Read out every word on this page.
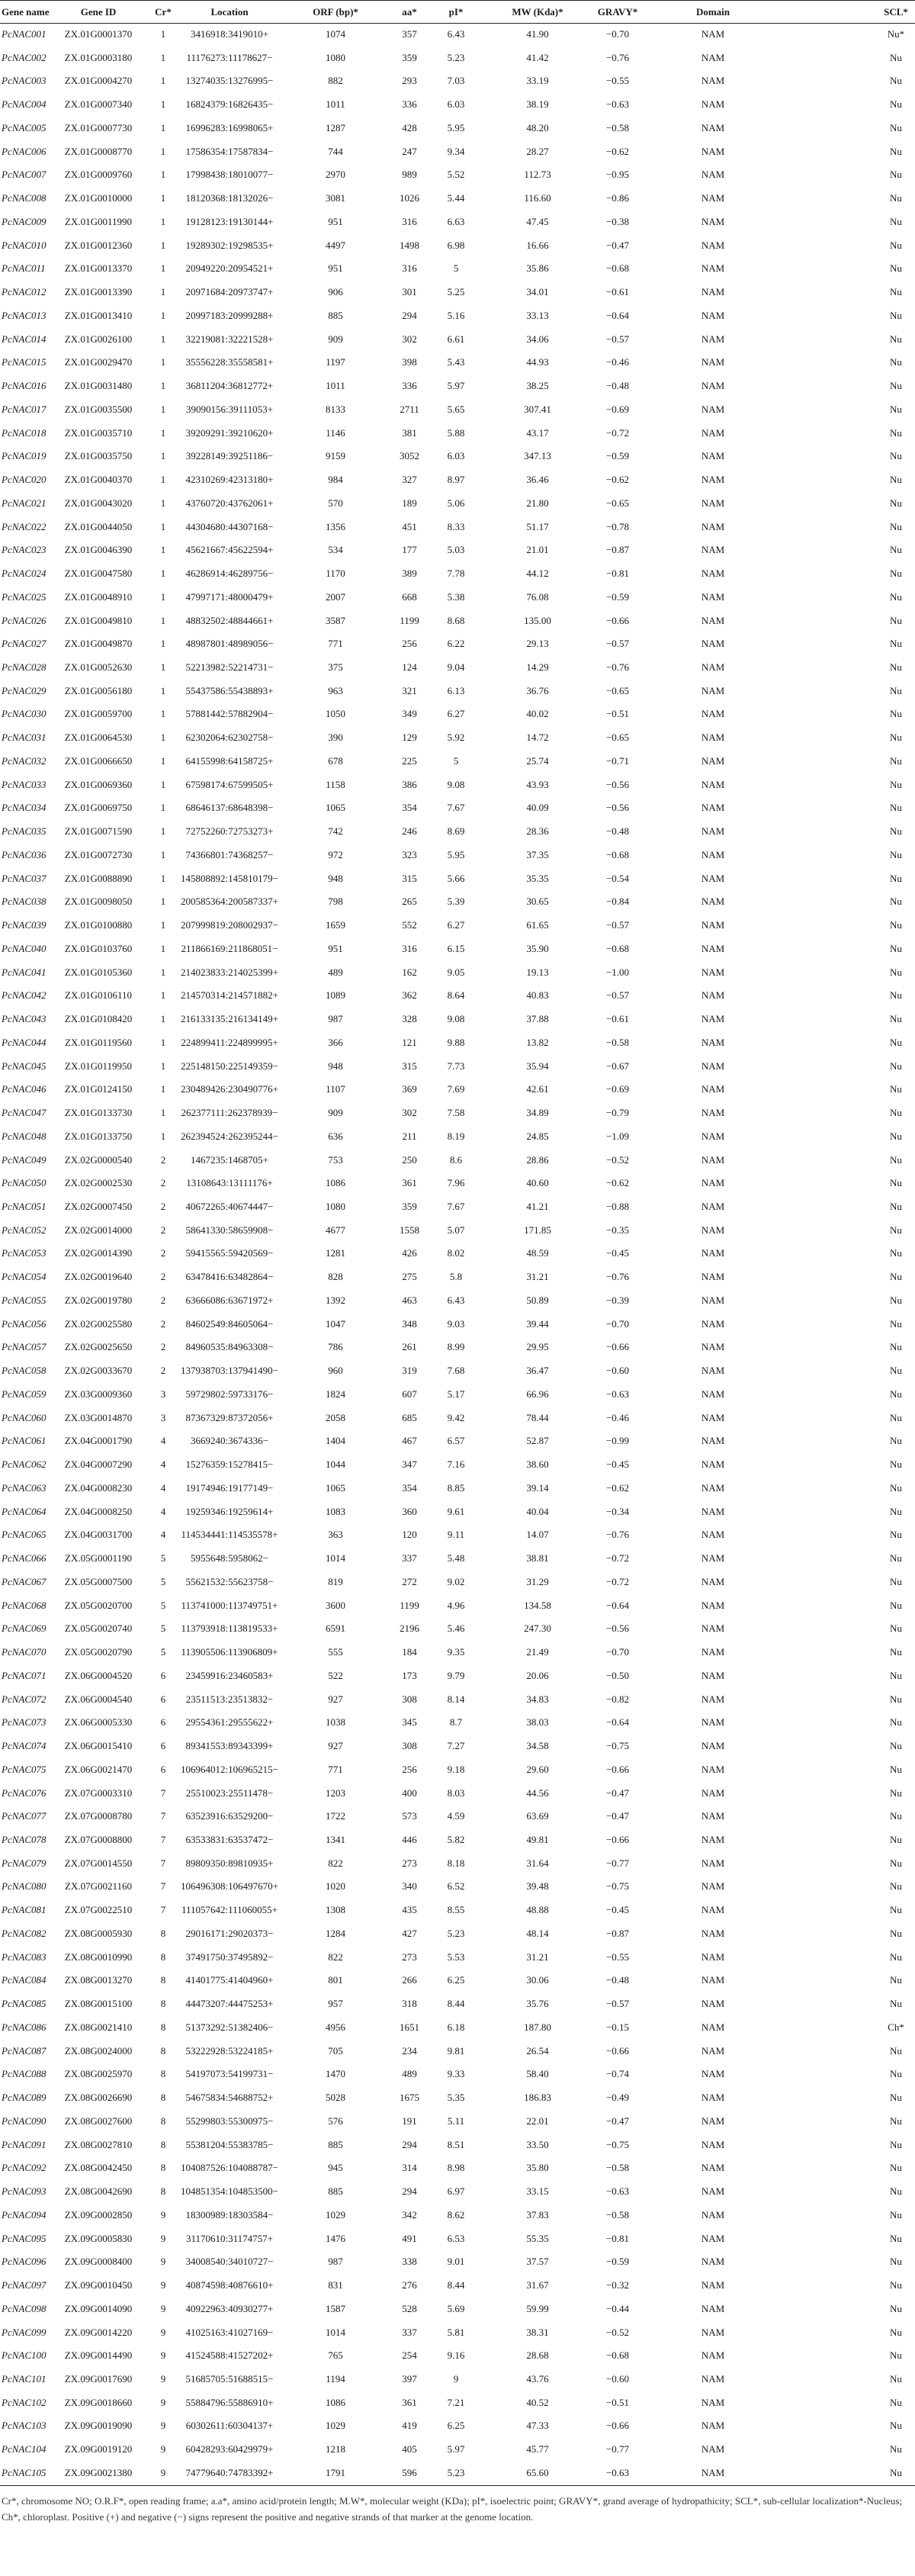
Gene name	Gene ID	Cr*	Location	ORF (bp)*	aa*	pI*	MW (Kda)*	GRAVY*	Domain	SCL*
PcNAC001	ZX.01G0001370	1	3416918:3419010+	1074	357	6.43	41.90	−0.70	NAM	Nu*
PcNAC002	ZX.01G0003180	1	11176273:11178627−	1080	359	5.23	41.42	−0.76	NAM	Nu
PcNAC003	ZX.01G0004270	1	13274035:13276995−	882	293	7.03	33.19	−0.55	NAM	Nu
PcNAC004	ZX.01G0007340	1	16824379:16826435−	1011	336	6.03	38.19	−0.63	NAM	Nu
PcNAC005	ZX.01G0007730	1	16996283:16998065+	1287	428	5.95	48.20	−0.58	NAM	Nu
PcNAC006	ZX.01G0008770	1	17586354:17587834−	744	247	9.34	28.27	−0.62	NAM	Nu
PcNAC007	ZX.01G0009760	1	17998438:18010077−	2970	989	5.52	112.73	−0.95	NAM	Nu
PcNAC008	ZX.01G0010000	1	18120368:18132026−	3081	1026	5.44	116.60	−0.86	NAM	Nu
PcNAC009	ZX.01G0011990	1	19128123:19130144+	951	316	6.63	47.45	−0.38	NAM	Nu
PcNAC010	ZX.01G0012360	1	19289302:19298535+	4497	1498	6.98	16.66	−0.47	NAM	Nu
PcNAC011	ZX.01G0013370	1	20949220:20954521+	951	316	5	35.86	−0.68	NAM	Nu
PcNAC012	ZX.01G0013390	1	20971684:20973747+	906	301	5.25	34.01	−0.61	NAM	Nu
PcNAC013	ZX.01G0013410	1	20997183:20999288+	885	294	5.16	33.13	−0.64	NAM	Nu
PcNAC014	ZX.01G0026100	1	32219081:32221528+	909	302	6.61	34.06	−0.57	NAM	Nu
PcNAC015	ZX.01G0029470	1	35556228:35558581+	1197	398	5.43	44.93	−0.46	NAM	Nu
PcNAC016	ZX.01G0031480	1	36811204:36812772+	1011	336	5.97	38.25	−0.48	NAM	Nu
PcNAC017	ZX.01G0035500	1	39090156:39111053+	8133	2711	5.65	307.41	−0.69	NAM	Nu
PcNAC018	ZX.01G0035710	1	39209291:39210620+	1146	381	5.88	43.17	−0.72	NAM	Nu
PcNAC019	ZX.01G0035750	1	39228149:39251186−	9159	3052	6.03	347.13	−0.59	NAM	Nu
PcNAC020	ZX.01G0040370	1	42310269:42313180+	984	327	8.97	36.46	−0.62	NAM	Nu
PcNAC021	ZX.01G0043020	1	43760720:43762061+	570	189	5.06	21.80	−0.65	NAM	Nu
PcNAC022	ZX.01G0044050	1	44304680:44307168−	1356	451	8.33	51.17	−0.78	NAM	Nu
PcNAC023	ZX.01G0046390	1	45621667:45622594+	534	177	5.03	21.01	−0.87	NAM	Nu
PcNAC024	ZX.01G0047580	1	46286914:46289756−	1170	389	7.78	44.12	−0.81	NAM	Nu
PcNAC025	ZX.01G0048910	1	47997171:48000479+	2007	668	5.38	76.08	−0.59	NAM	Nu
PcNAC026	ZX.01G0049810	1	48832502:48844661+	3587	1199	8.68	135.00	−0.66	NAM	Nu
PcNAC027	ZX.01G0049870	1	48987801:48989056−	771	256	6.22	29.13	−0.57	NAM	Nu
PcNAC028	ZX.01G0052630	1	52213982:52214731−	375	124	9.04	14.29	−0.76	NAM	Nu
PcNAC029	ZX.01G0056180	1	55437586:55438893+	963	321	6.13	36.76	−0.65	NAM	Nu
PcNAC030	ZX.01G0059700	1	57881442:57882904−	1050	349	6.27	40.02	−0.51	NAM	Nu
PcNAC031	ZX.01G0064530	1	62302064:62302758−	390	129	5.92	14.72	−0.65	NAM	Nu
PcNAC032	ZX.01G0066650	1	64155998:64158725+	678	225	5	25.74	−0.71	NAM	Nu
PcNAC033	ZX.01G0069360	1	67598174:67599505+	1158	386	9.08	43.93	−0.56	NAM	Nu
PcNAC034	ZX.01G0069750	1	68646137:68648398−	1065	354	7.67	40.09	−0.56	NAM	Nu
PcNAC035	ZX.01G0071590	1	72752260:72753273+	742	246	8.69	28.36	−0.48	NAM	Nu
PcNAC036	ZX.01G0072730	1	74366801:74368257−	972	323	5.95	37.35	−0.68	NAM	Nu
PcNAC037	ZX.01G0088890	1	145808892:145810179−	948	315	5.66	35.35	−0.54	NAM	Nu
PcNAC038	ZX.01G0098050	1	200585364:200587337+	798	265	5.39	30.65	−0.84	NAM	Nu
PcNAC039	ZX.01G0100880	1	207999819:208002937−	1659	552	6.27	61.65	−0.57	NAM	Nu
PcNAC040	ZX.01G0103760	1	211866169:211868051−	951	316	6.15	35.90	−0.68	NAM	Nu
PcNAC041	ZX.01G0105360	1	214023833:214025399+	489	162	9.05	19.13	−1.00	NAM	Nu
PcNAC042	ZX.01G0106110	1	214570314:214571882+	1089	362	8.64	40.83	−0.57	NAM	Nu
PcNAC043	ZX.01G0108420	1	216133135:216134149+	987	328	9.08	37.88	−0.61	NAM	Nu
PcNAC044	ZX.01G0119560	1	224899411:224899995+	366	121	9.88	13.82	−0.58	NAM	Nu
PcNAC045	ZX.01G0119950	1	225148150:225149359−	948	315	7.73	35.94	−0.67	NAM	Nu
PcNAC046	ZX.01G0124150	1	230489426:230490776+	1107	369	7.69	42.61	−0.69	NAM	Nu
PcNAC047	ZX.01G0133730	1	262377111:262378939−	909	302	7.58	34.89	−0.79	NAM	Nu
PcNAC048	ZX.01G0133750	1	262394524:262395244−	636	211	8.19	24.85	−1.09	NAM	Nu
PcNAC049	ZX.02G0000540	2	1467235:1468705+	753	250	8.6	28.86	−0.52	NAM	Nu
PcNAC050	ZX.02G0002530	2	13108643:13111176+	1086	361	7.96	40.60	−0.62	NAM	Nu
PcNAC051	ZX.02G0007450	2	40672265:40674447−	1080	359	7.67	41.21	−0.88	NAM	Nu
PcNAC052	ZX.02G0014000	2	58641330:58659908−	4677	1558	5.07	171.85	−0.35	NAM	Nu
PcNAC053	ZX.02G0014390	2	59415565:59420569−	1281	426	8.02	48.59	−0.45	NAM	Nu
PcNAC054	ZX.02G0019640	2	63478416:63482864−	828	275	5.8	31.21	−0.76	NAM	Nu
PcNAC055	ZX.02G0019780	2	63666086:63671972+	1392	463	6.43	50.89	−0.39	NAM	Nu
PcNAC056	ZX.02G0025580	2	84602549:84605064−	1047	348	9.03	39.44	−0.70	NAM	Nu
PcNAC057	ZX.02G0025650	2	84960535:84963308−	786	261	8.99	29.95	−0.66	NAM	Nu
PcNAC058	ZX.02G0033670	2	137938703:137941490−	960	319	7.68	36.47	−0.60	NAM	Nu
PcNAC059	ZX.03G0009360	3	59729802:59733176−	1824	607	5.17	66.96	−0.63	NAM	Nu
PcNAC060	ZX.03G0014870	3	87367329:87372056+	2058	685	9.42	78.44	−0.46	NAM	Nu
PcNAC061	ZX.04G0001790	4	3669240:3674336−	1404	467	6.57	52.87	−0.99	NAM	Nu
PcNAC062	ZX.04G0007290	4	15276359:15278415−	1044	347	7.16	38.60	−0.45	NAM	Nu
PcNAC063	ZX.04G0008230	4	19174946:19177149−	1065	354	8.85	39.14	−0.62	NAM	Nu
PcNAC064	ZX.04G0008250	4	19259346:19259614+	1083	360	9.61	40.04	−0.34	NAM	Nu
PcNAC065	ZX.04G0031700	4	114534441:114535578+	363	120	9.11	14.07	−0.76	NAM	Nu
PcNAC066	ZX.05G0001190	5	5955648:5958062−	1014	337	5.48	38.81	−0.72	NAM	Nu
PcNAC067	ZX.05G0007500	5	55621532:55623758−	819	272	9.02	31.29	−0.72	NAM	Nu
PcNAC068	ZX.05G0020700	5	113741000:113749751+	3600	1199	4.96	134.58	−0.64	NAM	Nu
PcNAC069	ZX.05G0020740	5	113793918:113819533+	6591	2196	5.46	247.30	−0.56	NAM	Nu
PcNAC070	ZX.05G0020790	5	113905506:113906809+	555	184	9.35	21.49	−0.70	NAM	Nu
PcNAC071	ZX.06G0004520	6	23459916:23460583+	522	173	9.79	20.06	−0.50	NAM	Nu
PcNAC072	ZX.06G0004540	6	23511513:23513832−	927	308	8.14	34.83	−0.82	NAM	Nu
PcNAC073	ZX.06G0005330	6	29554361:29555622+	1038	345	8.7	38.03	−0.64	NAM	Nu
PcNAC074	ZX.06G0015410	6	89341553:89343399+	927	308	7.27	34.58	−0.75	NAM	Nu
PcNAC075	ZX.06G0021470	6	106964012:106965215−	771	256	9.18	29.60	−0.66	NAM	Nu
PcNAC076	ZX.07G0003310	7	25510023:25511478−	1203	400	8.03	44.56	−0.47	NAM	Nu
PcNAC077	ZX.07G0008780	7	63523916:63529200−	1722	573	4.59	63.69	−0.47	NAM	Nu
PcNAC078	ZX.07G0008800	7	63533831:63537472−	1341	446	5.82	49.81	−0.66	NAM	Nu
PcNAC079	ZX.07G0014550	7	89809350:89810935+	822	273	8.18	31.64	−0.77	NAM	Nu
PcNAC080	ZX.07G0021160	7	106496308:106497670+	1020	340	6.52	39.48	−0.75	NAM	Nu
PcNAC081	ZX.07G0022510	7	111057642:111060055+	1308	435	8.55	48.88	−0.45	NAM	Nu
PcNAC082	ZX.08G0005930	8	29016171:29020373−	1284	427	5.23	48.14	−0.87	NAM	Nu
PcNAC083	ZX.08G0010990	8	37491750:37495892−	822	273	5.53	31.21	−0.55	NAM	Nu
PcNAC084	ZX.08G0013270	8	41401775:41404960+	801	266	6.25	30.06	−0.48	NAM	Nu
PcNAC085	ZX.08G0015100	8	44473207:44475253+	957	318	8.44	35.76	−0.57	NAM	Nu
PcNAC086	ZX.08G0021410	8	51373292:51382406−	4956	1651	6.18	187.80	−0.15	NAM	Ch*
PcNAC087	ZX.08G0024000	8	53222928:53224185+	705	234	9.81	26.54	−0.66	NAM	Nu
PcNAC088	ZX.08G0025970	8	54197073:54199731−	1470	489	9.33	58.40	−0.74	NAM	Nu
PcNAC089	ZX.08G0026690	8	54675834:54688752+	5028	1675	5.35	186.83	−0.49	NAM	Nu
PcNAC090	ZX.08G0027600	8	55299803:55300975−	576	191	5.11	22.01	−0.47	NAM	Nu
PcNAC091	ZX.08G0027810	8	55381204:55383785−	885	294	8.51	33.50	−0.75	NAM	Nu
PcNAC092	ZX.08G0042450	8	104087526:104088787−	945	314	8.98	35.80	−0.58	NAM	Nu
PcNAC093	ZX.08G0042690	8	104851354:104853500−	885	294	6.97	33.15	−0.63	NAM	Nu
PcNAC094	ZX.09G0002850	9	18300989:18303584−	1029	342	8.62	37.83	−0.58	NAM	Nu
PcNAC095	ZX.09G0005830	9	31170610:31174757+	1476	491	6.53	55.35	−0.81	NAM	Nu
PcNAC096	ZX.09G0008400	9	34008540:34010727−	987	338	9.01	37.57	−0.59	NAM	Nu
PcNAC097	ZX.09G0010450	9	40874598:40876610+	831	276	8.44	31.67	−0.32	NAM	Nu
PcNAC098	ZX.09G0014090	9	40922963:40930277+	1587	528	5.69	59.99	−0.44	NAM	Nu
PcNAC099	ZX.09G0014220	9	41025163:41027169−	1014	337	5.81	38.31	−0.52	NAM	Nu
PcNAC100	ZX.09G0014490	9	41524588:41527202+	765	254	9.16	28.68	−0.68	NAM	Nu
PcNAC101	ZX.09G0017690	9	51685705:51688515−	1194	397	9	43.76	−0.60	NAM	Nu
PcNAC102	ZX.09G0018660	9	55884796:55886910+	1086	361	7.21	40.52	−0.51	NAM	Nu
PcNAC103	ZX.09G0019090	9	60302611:60304137+	1029	419	6.25	47.33	−0.66	NAM	Nu
PcNAC104	ZX.09G0019120	9	60428293:60429979+	1218	405	5.97	45.77	−0.77	NAM	Nu
PcNAC105	ZX.09G0021380	9	74779640:74783392+	1791	596	5.23	65.60	−0.63	NAM	Nu
Cr*, chromosome NO; O.R.F*, open reading frame; a.a*, amino acid/protein length; M.W*, molecular weight (KDa); pI*, isoelectric point; GRAVY*, grand average of hydropathicity; SCL*, sub-cellular localization*-Nucleus; Ch*, chloroplast. Positive (+) and negative (−) signs represent the positive and negative strands of that marker at the genome location.
